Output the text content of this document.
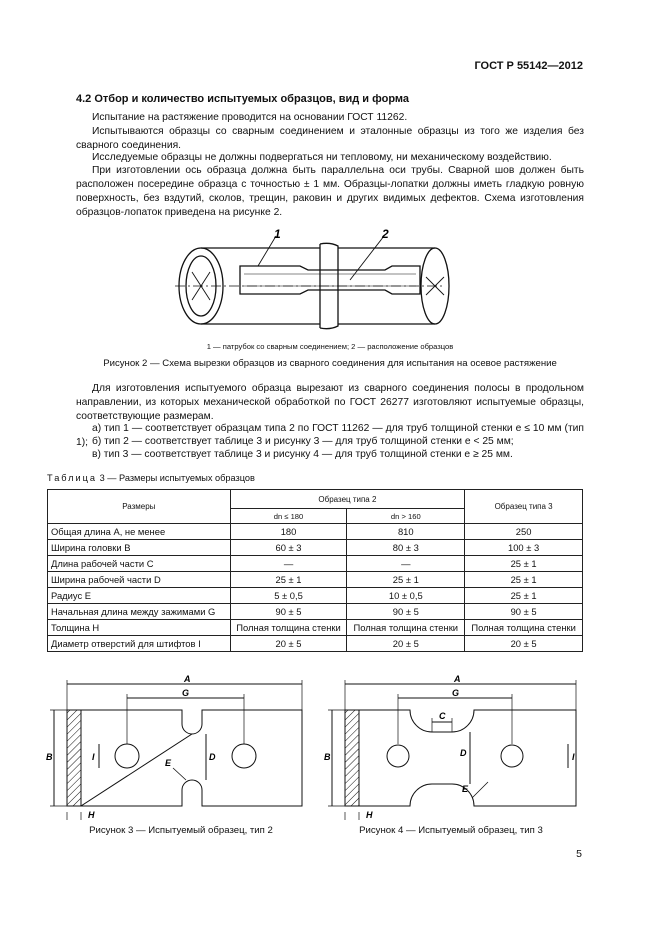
ГОСТ Р 55142—2012
4.2 Отбор и количество испытуемых образцов, вид и форма
Испытание на растяжение проводится на основании ГОСТ 11262.
Испытываются образцы со сварным соединением и эталонные образцы из того же изделия без сварного соединения.
Исследуемые образцы не должны подвергаться ни тепловому, ни механическому воздействию.
При изготовлении ось образца должна быть параллельна оси трубы. Сварной шов должен быть расположен посередине образца с точностью ± 1 мм. Образцы-лопатки должны иметь гладкую ровную поверхность, без вздутий, сколов, трещин, раковин и других видимых дефектов. Схема изготовления образцов-лопаток приведена на рисунке 2.
1	2
1 — патрубок со сварным соединением; 2 — расположение образцов
Рисунок 2 — Схема вырезки образцов из сварного соединения для испытания на осевое растяжение
Для изготовления испытуемого образца вырезают из сварного соединения полосы в продольном направлении, из которых механической обработкой по ГОСТ 26277 изготовляют испытуемые образцы, соответствующие размерам.
а) тип 1 — соответствует образцам типа 2 по ГОСТ 11262 — для труб толщиной стенки e ≤ 10 мм (тип 1); б) тип 2 — соответствует таблице 3 и рисунку 3 — для труб толщиной стенки e < 25 мм;
в) тип 3 — соответствует таблице 3 и рисунку 4 — для труб толщиной стенки e ≥ 25 мм.
Таблица 3 — Размеры испытуемых образцов
Размеры	Образец типа 2		Образец типа 3
	dn ≤ 180	dn > 160	
Общая длина A, не менее	180	810	250
Ширина головки B	60 ± 3	80 ± 3	100 ± 3
Длина рабочей части C	—	—	25 ± 1
Ширина рабочей части D	25 ± 1	25 ± 1	25 ± 1
Радиус E	5 ± 0,5	10 ± 0,5	25 ± 1
Начальная длина между зажимами G	90 ± 5	90 ± 5	90 ± 5
Толщина H	Полная толщина стенки	Полная толщина стенки	Полная толщина стенки
Диаметр отверстий для штифтов I	20 ± 5	20 ± 5	20 ± 5
A
G
B	I	D
E
H
Рисунок 3 — Испытуемый образец, тип 2
A
G
C
B	I
D
E
H
Рисунок 4 — Испытуемый образец, тип 3
5
